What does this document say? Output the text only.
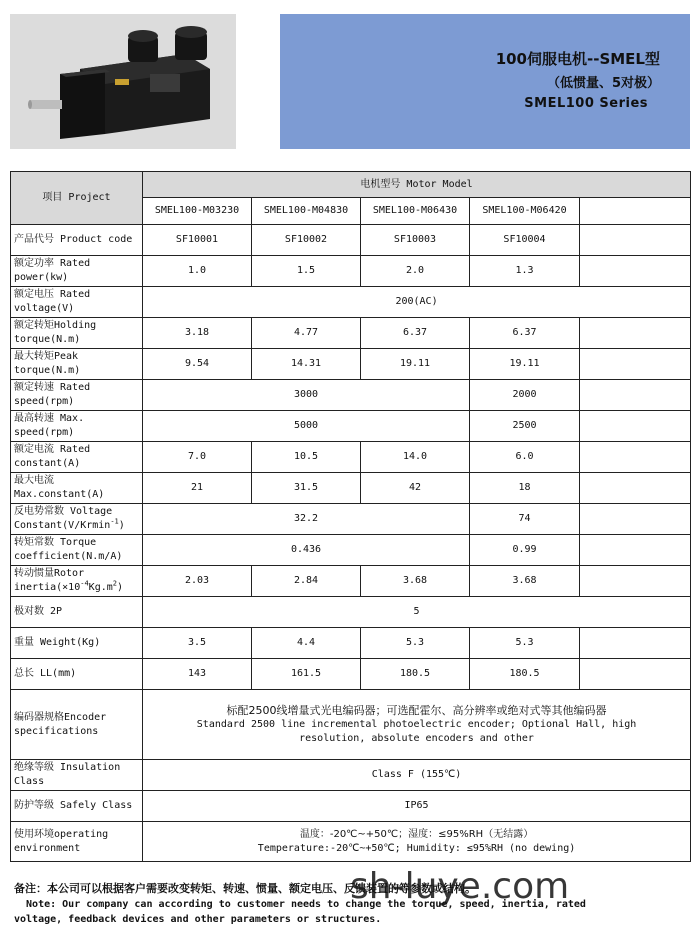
100伺服电机--SMEL型
（低惯量、5对极）
SMEL100 Series
项目 Project	电机型号 Motor Model				
	SMEL100-M03230	SMEL100-M04830	SMEL100-M06430	SMEL100-M06420	
产品代号 Product code	SF10001	SF10002	SF10003	SF10004	
额定功率 Rated power(kw)	1.0	1.5	2.0	1.3	
额定电压 Rated voltage(V)	200(AC)				
额定转矩Holding torque(N.m)	3.18	4.77	6.37	6.37	
最大转矩Peak torque(N.m)	9.54	14.31	19.11	19.11	
额定转速 Rated speed(rpm)	3000			2000	
最高转速 Max. speed(rpm)	5000			2500	
额定电流 Rated constant(A)	7.0	10.5	14.0	6.0	
最大电流 Max.constant(A)	21	31.5	42	18	
反电势常数 Voltage
Constant(V/Krmin$^{-1}$)	32.2			74	
转矩常数 Torque coefficient(N.m/A)	0.436			0.99	
转动惯量Rotor
$inertia(\times 10^{-4}Kg.m^2)$	2.03	2.84	3.68	3.68	
极对数 2P	5				
重量 Weight(Kg)	3.5	4.4	5.3	5.3	
总长 LL(mm)	143	161.5	180.5	180.5	
编码器规格Encoder specifications	标配2500线增量式光电编码器；可选配霍尔、高分辨率或绝对式等其他编码器
Standard 2500 line incremental photoelectric encoder; Optional Hall, high
resolution, absolute encoders and other				

绝缘等级 Insulation Class	Class F (155℃)				
防护等级 Safely Class	IP65				
使用环境operating environment	温度：-20℃~+50℃；湿度：≤95%RH（无结露）
Temperature:-20℃~+50℃; Humidity: ≤95%RH (no dewing)				
备注：本公司可以根据客户需要改变转矩、转速、惯量、额定电压、反馈装置的等参数或结构。
Note: Our company can according to customer needs to change the torque, speed, inertia, rated
voltage, feedback devices and other parameters or structures.
sh-luye.com
